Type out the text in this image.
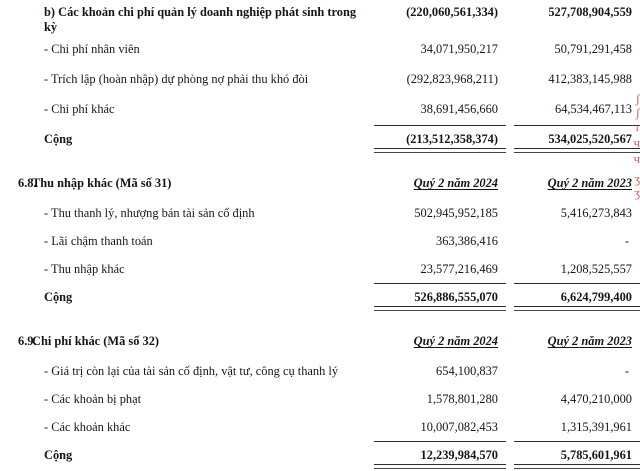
	b) Các khoản chi phí quản lý doanh nghiệp phát sinh trong kỳ	(220,060,561,334)		527,708,904,559
	- Chi phí nhân viên	34,071,950,217		50,791,291,458
	- Trích lập (hoàn nhập) dự phòng nợ phải thu khó đòi	(292,823,968,211)		412,383,145,988
	- Chi phí khác	38,691,456,660		64,534,467,113
	Cộng	(213,512,358,374)		534,025,520,567

6.8.	Thu nhập khác (Mã số 31)	Quý 2 năm 2024		Quý 2 năm 2023
	- Thu thanh lý, nhượng bán tài sản cố định	502,945,952,185		5,416,273,843
	- Lãi chậm thanh toán	363,386,416		-
	- Thu nhập khác	23,577,216,469		1,208,525,557
	Cộng	526,886,555,070		6,624,799,400

6.9.	Chi phí khác (Mã số 32)	Quý 2 năm 2024		Quý 2 năm 2023
	- Giá trị còn lại của tài sản cố định, vật tư, công cụ thanh lý	654,100,837		-
	- Các khoản bị phạt	1,578,801,280		4,470,210,000
	- Các khoản khác	10,007,082,453		1,315,391,961
	Cộng	12,239,984,570		5,785,601,961
ʃ
ʃ
ɾ
ч
ч
ʒ
ʒ
